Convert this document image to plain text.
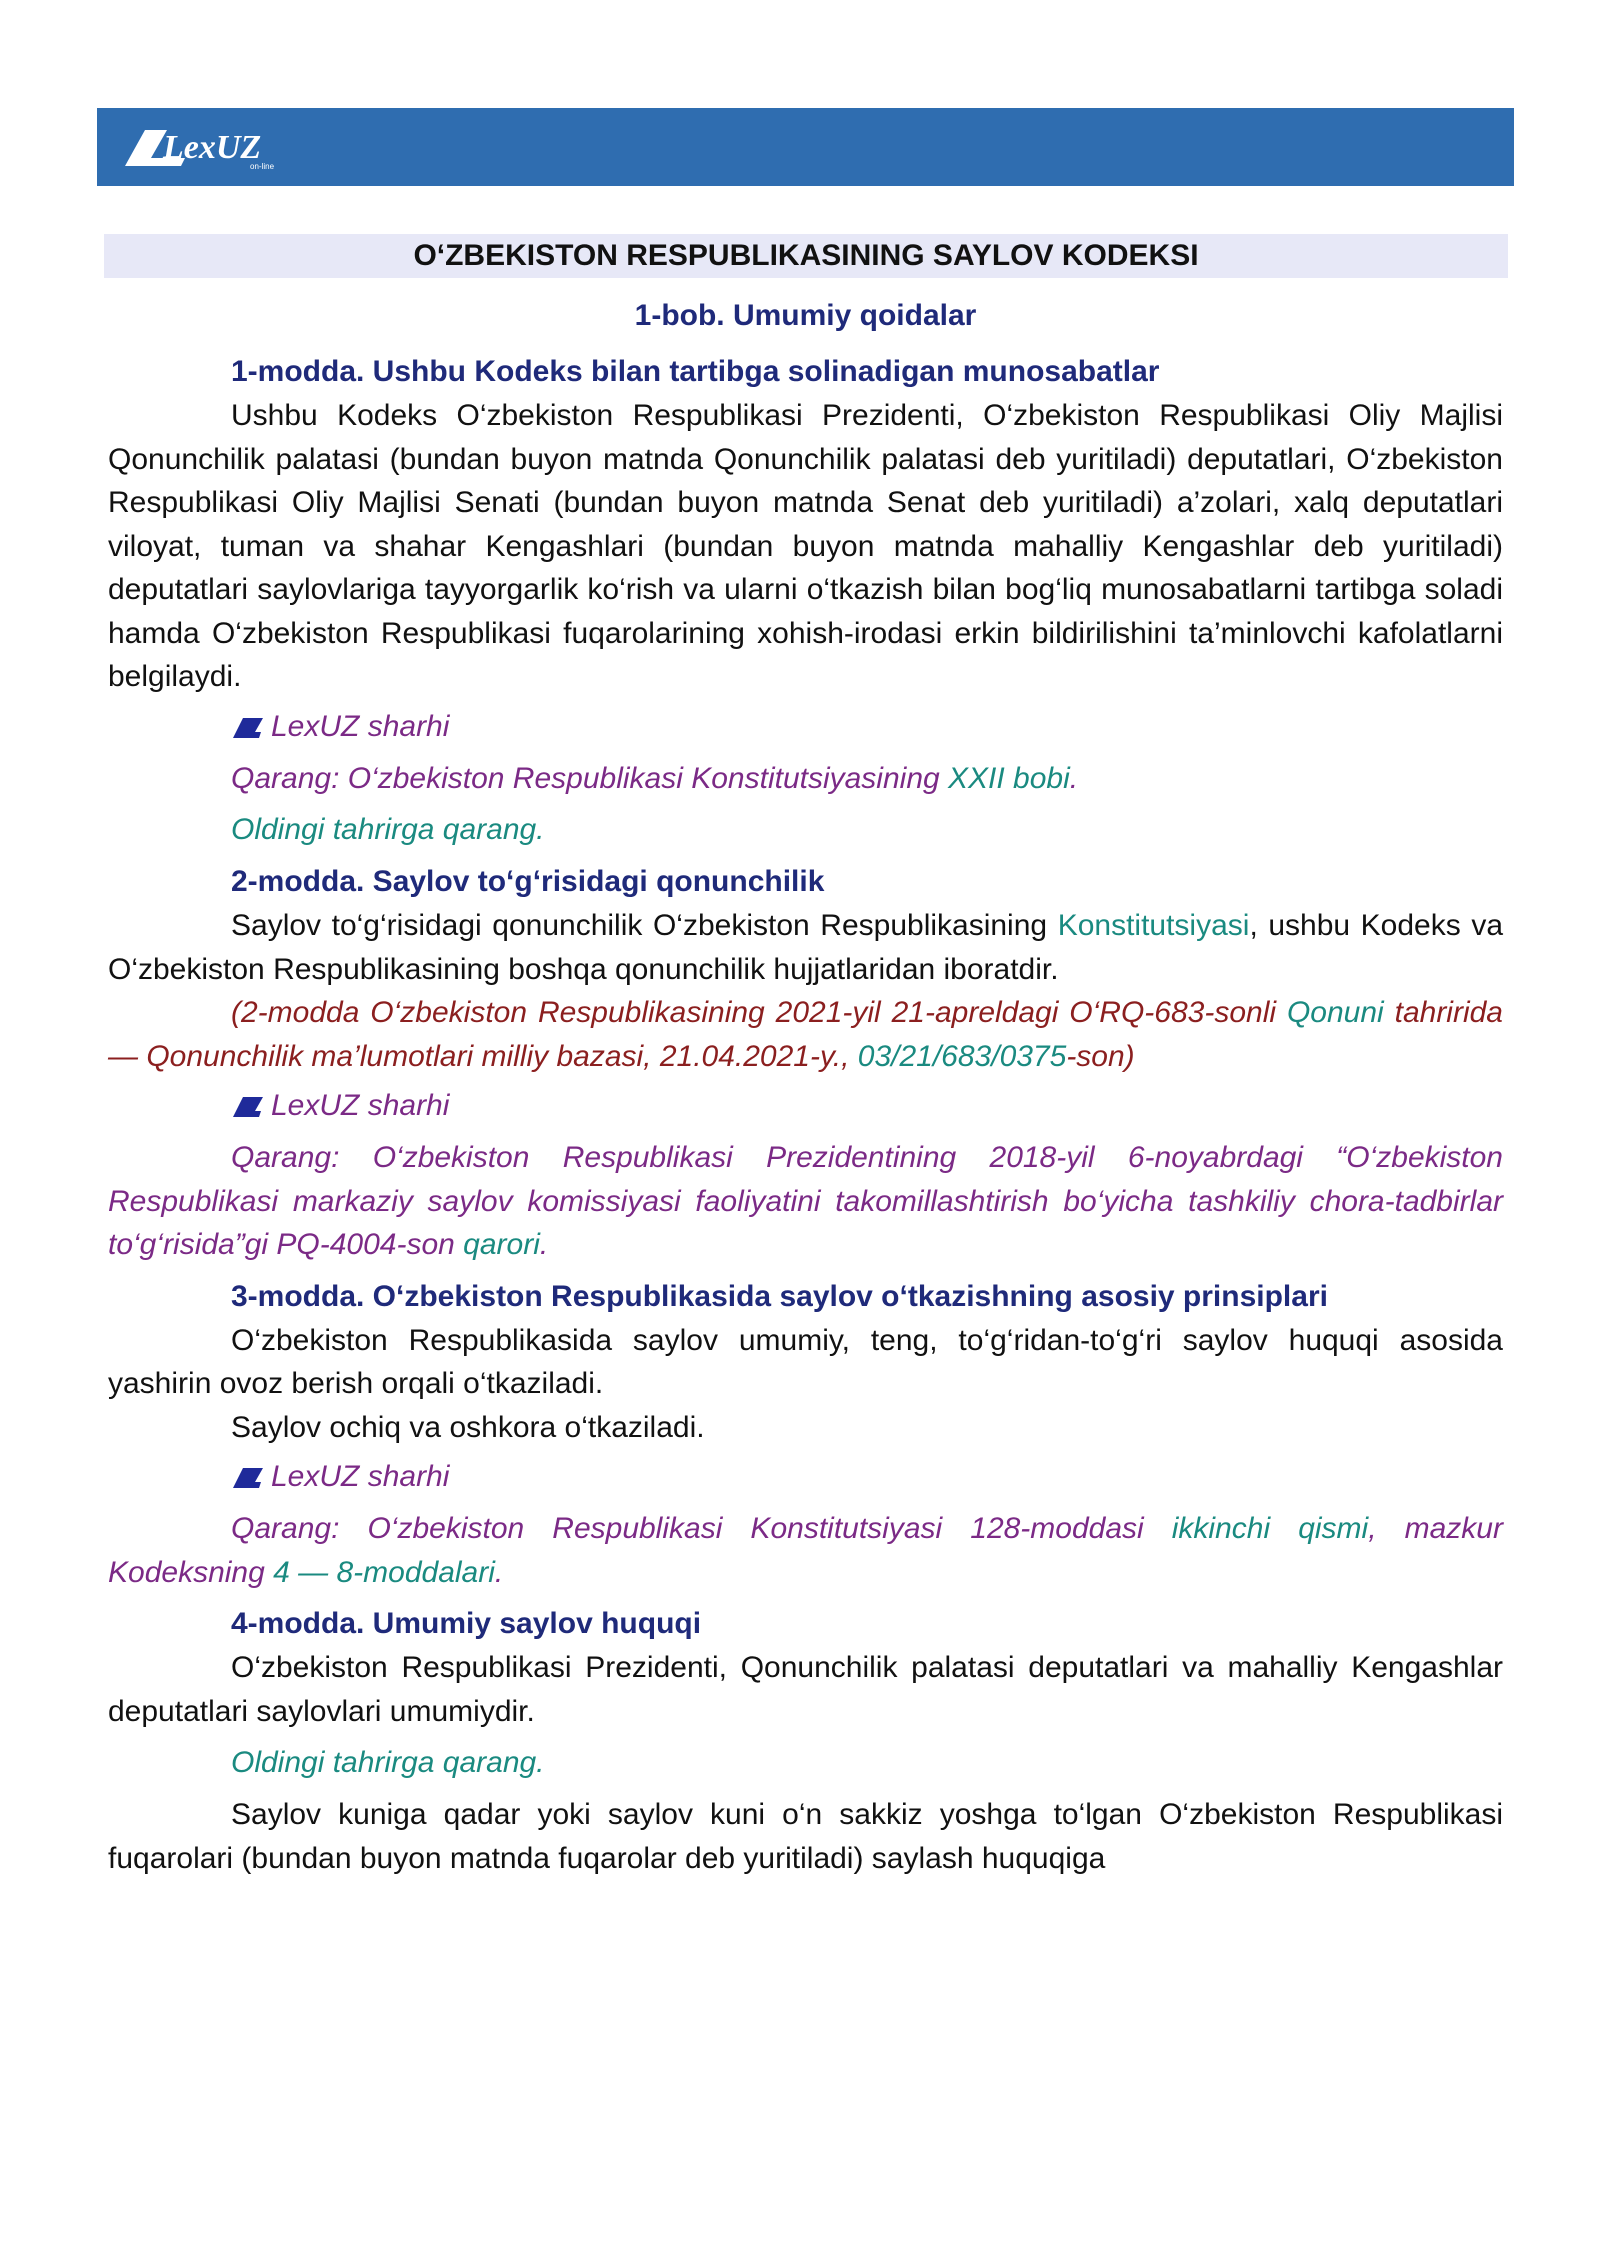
LexUZ
on-line
O‘ZBEKISTON RESPUBLIKASINING SAYLOV KODEKSI
1-bob. Umumiy qoidalar
1-modda. Ushbu Kodeks bilan tartibga solinadigan munosabatlar

Ushbu Kodeks O‘zbekiston Respublikasi Prezidenti, O‘zbekiston Respublikasi Oliy Majlisi Qonunchilik palatasi (bundan buyon matnda Qonunchilik palatasi deb yuritiladi) deputatlari, O‘zbekiston Respublikasi Oliy Majlisi Senati (bundan buyon matnda Senat deb yuritiladi) a’zolari, xalq deputatlari viloyat, tuman va shahar Kengashlari (bundan buyon matnda mahalliy Kengashlar deb yuritiladi) deputatlari saylovlariga tayyorgarlik ko‘rish va ularni o‘tkazish bilan bog‘liq munosabatlarni tartibga soladi hamda O‘zbekiston Respublikasi fuqarolarining xohish-irodasi erkin bildirilishini ta’minlovchi kafolatlarni belgilaydi.

LexUZ sharhi
Qarang: O‘zbekiston Respublikasi Konstitutsiyasining XXII bobi.
Oldingi tahrirga qarang.
2-modda. Saylov to‘g‘risidagi qonunchilik

Saylov to‘g‘risidagi qonunchilik O‘zbekiston Respublikasining Konstitutsiyasi, ushbu Kodeks va O‘zbekiston Respublikasining boshqa qonunchilik hujjatlaridan iboratdir.

(2-modda O‘zbekiston Respublikasining 2021-yil 21-apreldagi O‘RQ-683-sonli Qonuni tahririda — Qonunchilik ma’lumotlari milliy bazasi, 21.04.2021-y., 03/21/683/0375-son)
LexUZ sharhi
Qarang: O‘zbekiston Respublikasi Prezidentining 2018-yil 6-noyabrdagi “O‘zbekiston Respublikasi markaziy saylov komissiyasi faoliyatini takomillashtirish bo‘yicha tashkiliy chora-tadbirlar to‘g‘risida”gi PQ-4004-son qarori.
3-modda. O‘zbekiston Respublikasida saylov o‘tkazishning asosiy prinsiplari

O‘zbekiston Respublikasida saylov umumiy, teng, to‘g‘ridan-to‘g‘ri saylov huquqi asosida yashirin ovoz berish orqali o‘tkaziladi.

Saylov ochiq va oshkora o‘tkaziladi.

LexUZ sharhi
Qarang: O‘zbekiston Respublikasi Konstitutsiyasi 128-moddasi ikkinchi qismi, mazkur Kodeksning 4 — 8-moddalari.
4-modda. Umumiy saylov huquqi

O‘zbekiston Respublikasi Prezidenti, Qonunchilik palatasi deputatlari va mahalliy Kengashlar deputatlari saylovlari umumiydir.

Oldingi tahrirga qarang.

Saylov kuniga qadar yoki saylov kuni o‘n sakkiz yoshga to‘lgan O‘zbekiston Respublikasi fuqarolari (bundan buyon matnda fuqarolar deb yuritiladi) saylash huquqiga
